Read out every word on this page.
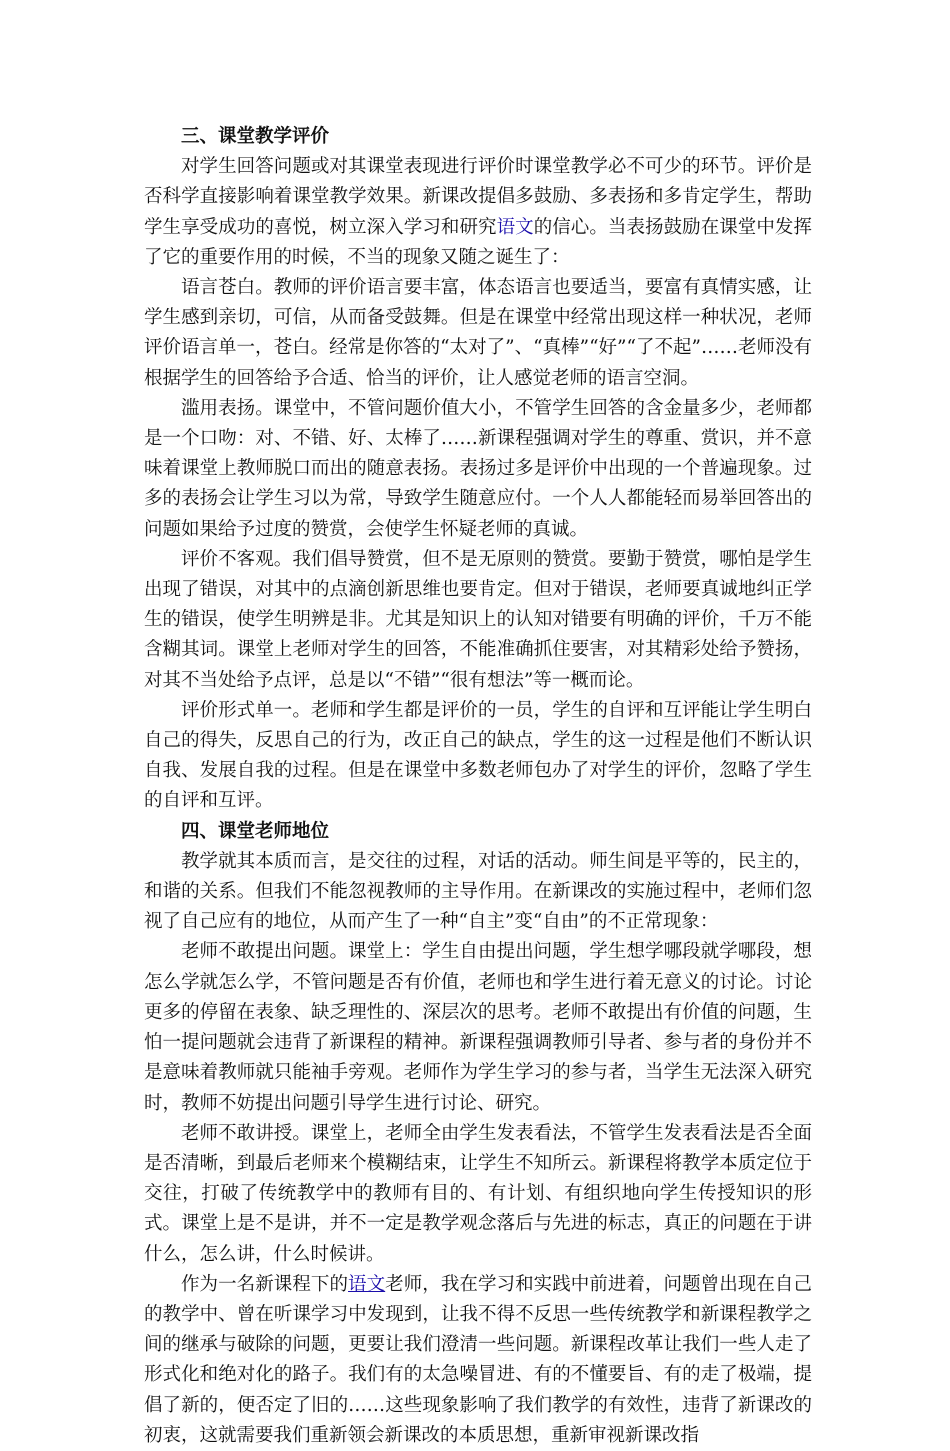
三、课堂教学评价

对学生回答问题或对其课堂表现进行评价时课堂教学必不可少的环节。评价是否科学直接影响着课堂教学效果。新课改提倡多鼓励、多表扬和多肯定学生，帮助学生享受成功的喜悦，树立深入学习和研究语文的信心。当表扬鼓励在课堂中发挥了它的重要作用的时候，不当的现象又随之诞生了：

语言苍白。教师的评价语言要丰富，体态语言也要适当，要富有真情实感，让学生感到亲切，可信，从而备受鼓舞。但是在课堂中经常出现这样一种状况，老师评价语言单一，苍白。经常是你答的“太对了”、“真棒”“好”“了不起”……老师没有根据学生的回答给予合适、恰当的评价，让人感觉老师的语言空洞。

滥用表扬。课堂中，不管问题价值大小，不管学生回答的含金量多少，老师都是一个口吻：对、不错、好、太棒了……新课程强调对学生的尊重、赏识，并不意味着课堂上教师脱口而出的随意表扬。表扬过多是评价中出现的一个普遍现象。过多的表扬会让学生习以为常，导致学生随意应付。一个人人都能轻而易举回答出的问题如果给予过度的赞赏，会使学生怀疑老师的真诚。

评价不客观。我们倡导赞赏，但不是无原则的赞赏。要勤于赞赏，哪怕是学生出现了错误，对其中的点滴创新思维也要肯定。但对于错误，老师要真诚地纠正学生的错误，使学生明辨是非。尤其是知识上的认知对错要有明确的评价，千万不能含糊其词。课堂上老师对学生的回答，不能准确抓住要害，对其精彩处给予赞扬，对其不当处给予点评，总是以“不错”“很有想法”等一概而论。

评价形式单一。老师和学生都是评价的一员，学生的自评和互评能让学生明白自己的得失，反思自己的行为，改正自己的缺点，学生的这一过程是他们不断认识自我、发展自我的过程。但是在课堂中多数老师包办了对学生的评价，忽略了学生的自评和互评。

四、课堂老师地位

教学就其本质而言，是交往的过程，对话的活动。师生间是平等的，民主的，和谐的关系。但我们不能忽视教师的主导作用。在新课改的实施过程中，老师们忽视了自己应有的地位，从而产生了一种“自主”变“自由”的不正常现象：

老师不敢提出问题。课堂上：学生自由提出问题，学生想学哪段就学哪段，想怎么学就怎么学，不管问题是否有价值，老师也和学生进行着无意义的讨论。讨论更多的停留在表象、缺乏理性的、深层次的思考。老师不敢提出有价值的问题，生怕一提问题就会违背了新课程的精神。新课程强调教师引导者、参与者的身份并不是意味着教师就只能袖手旁观。老师作为学生学习的参与者，当学生无法深入研究时，教师不妨提出问题引导学生进行讨论、研究。

老师不敢讲授。课堂上，老师全由学生发表看法，不管学生发表看法是否全面是否清晰，到最后老师来个模糊结束，让学生不知所云。新课程将教学本质定位于交往，打破了传统教学中的教师有目的、有计划、有组织地向学生传授知识的形式。课堂上是不是讲，并不一定是教学观念落后与先进的标志，真正的问题在于讲什么，怎么讲，什么时候讲。

作为一名新课程下的语文老师，我在学习和实践中前进着，问题曾出现在自己的教学中、曾在听课学习中发现到，让我不得不反思一些传统教学和新课程教学之间的继承与破除的问题，更要让我们澄清一些问题。新课程改革让我们一些人走了形式化和绝对化的路子。我们有的太急噪冒进、有的不懂要旨、有的走了极端，提倡了新的，便否定了旧的……这些现象影响了我们教学的有效性，违背了新课改的初衷，这就需要我们重新领会新课改的本质思想，重新审视新课改指
